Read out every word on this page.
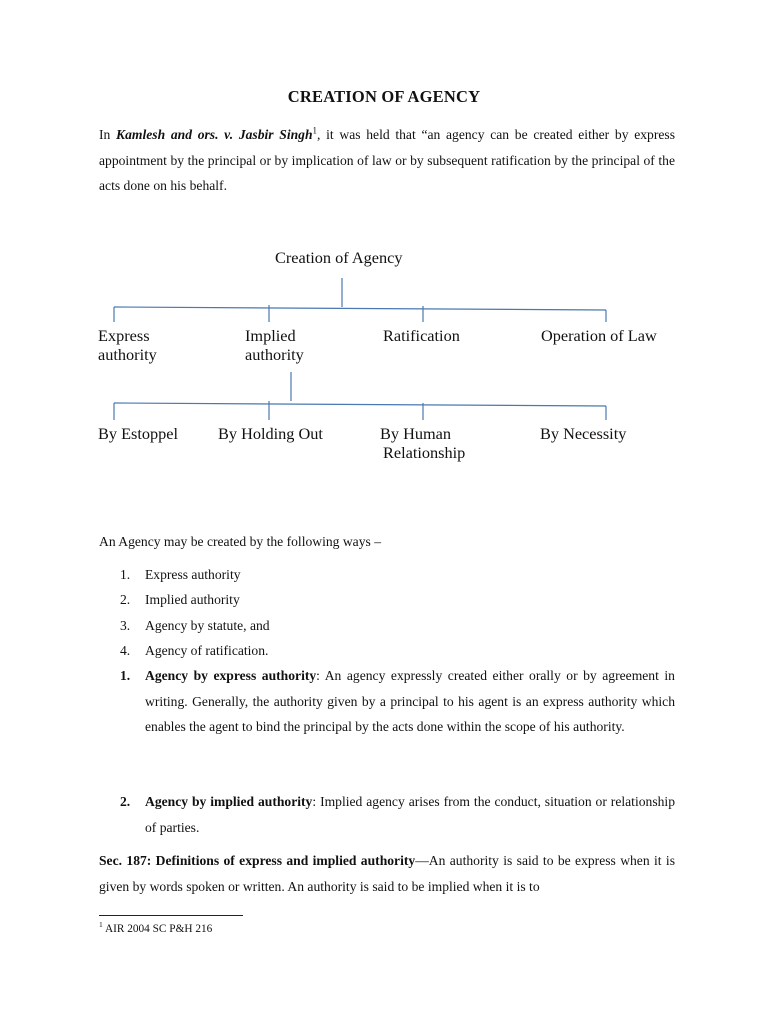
CREATION OF AGENCY
In Kamlesh and ors. v. Jasbir Singh$^1$, it was held that “an agency can be created either by express appointment by the principal or by implication of law or by subsequent ratification by the principal of the acts done on his behalf.
Creation of Agency
Express
authority
Implied
authority
Ratification	Operation of Law
By Estoppel By Holding Out	By Human
Relationship
By Necessity
An Agency may be created by the following ways –
1. Express authority
2. Implied authority
3. Agency by statute, and
4. Agency of ratification.
1. Agency by express authority: An agency expressly created either orally or by agreement in writing. Generally, the authority given by a principal to his agent is an express authority which enables the agent to bind the principal by the acts done within the scope of his authority.
2. Agency by implied authority: Implied agency arises from the conduct, situation or relationship of parties.
Sec. 187: Definitions of express and implied authority—An authority is said to be express when it is given by words spoken or written. An authority is said to be implied when it is to
$^1$ AIR 2004 SC P&H 216
